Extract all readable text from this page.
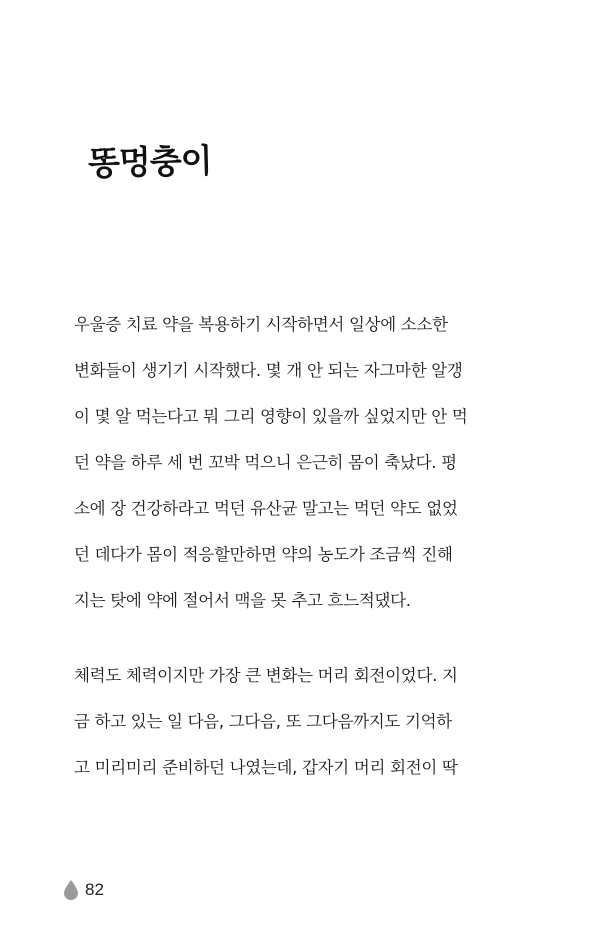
똥멍충이
우울증 치료 약을 복용하기 시작하면서 일상에 소소한
변화들이 생기기 시작했다. 몇 개 안 되는 자그마한 알갱
이 몇 알 먹는다고 뭐 그리 영향이 있을까 싶었지만 안 먹
던 약을 하루 세 번 꼬박 먹으니 은근히 몸이 축났다. 평
소에 장 건강하라고 먹던 유산균 말고는 먹던 약도 없었
던 데다가 몸이 적응할만하면 약의 농도가 조금씩 진해
지는 탓에 약에 절어서 맥을 못 추고 흐느적댔다.
체력도 체력이지만 가장 큰 변화는 머리 회전이었다. 지
금 하고 있는 일 다음, 그다음, 또 그다음까지도 기억하
고 미리미리 준비하던 나였는데, 갑자기 머리 회전이 딱
82
